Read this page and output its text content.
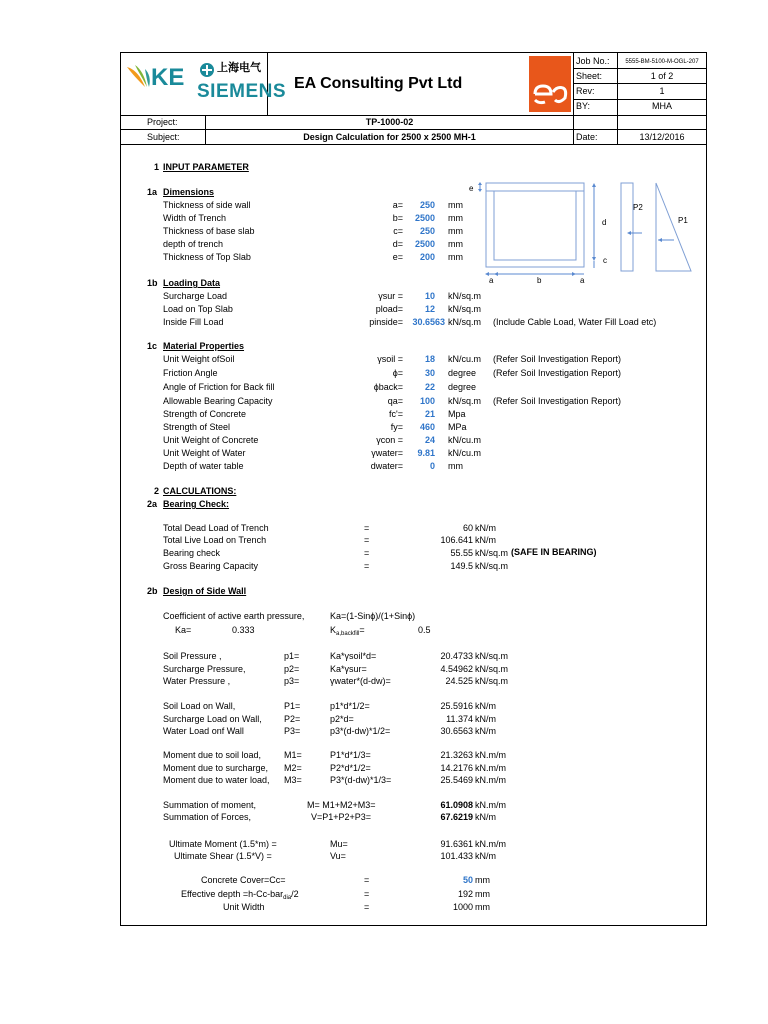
KE	上海电气
SIEMENS EA Consulting Pvt Ltd
Job No.:	5555-BM-5100-M-OGL-207
Sheet:	1 of 2
Rev:	1
BY:	MHA
Project:	TP-1000-02
Subject:	Design Calculation for 2500 x 2500 MH-1	Date:	13/12/2016
1 INPUT PARAMETER
1a Dimensions
Thickness of side wall	a=	250 mm
Width of Trench	b=	2500 mm
Thickness of base slab	c=	250 mm
depth of trench	d=	2500 mm
Thickness of Top Slab	e=	200 mm
e
d
c
a	b	a
P2
P1
1b Loading Data
Surcharge Load	γsur =	10 kN/sq.m
Load on Top Slab	pload=	12 kN/sq.m
Inside Fill Load	pinside=	30.6563 kN/sq.m (Include Cable Load, Water Fill Load etc)
1c Material Properties
Unit Weight ofSoil	γsoil =	18 kN/cu.m (Refer Soil Investigation Report)
Friction Angle	ϕ=	30 degree (Refer Soil Investigation Report)
Angle of Friction for Back fill	ϕback=	22 degree
Allowable Bearing Capacity	qa=	100 kN/sq.m (Refer Soil Investigation Report)
Strength of Concrete	fc'=	21 Mpa
Strength of Steel	fy=	460 MPa
Unit Weight of Concrete	γcon =	24 kN/cu.m
Unit Weight of Water	γwater=	9.81 kN/cu.m
Depth of water table	dwater=	0 mm
2 CALCULATIONS:
2a Bearing Check:
Total Dead Load of Trench	=	60 kN/m
Total Live Load on Trench	=	106.641 kN/m
Bearing check	=	55.55 kN/sq.m (SAFE IN BEARING)
Gross Bearing Capacity	=	149.5 kN/sq.m
2b Design of Side Wall
Coefficient of active earth pressure,	Ka=(1-Sinϕ)/(1+Sinϕ)
Ka=	0.333	$K_{a,backfill}=$	0.5
Soil Pressure ,	p1=	Ka*γsoil*d=	20.4733 kN/sq.m
Surcharge Pressure,	p2=	Ka*γsur=	4.54962 kN/sq.m
Water Pressure ,	p3=	γwater*(d-dw)=	24.525 kN/sq.m
Soil Load on Wall,	P1=	p1*d*1/2=	25.5916 kN/m
Surcharge Load on Wall, P2=	p2*d=	11.374 kN/m
Water Load onf Wall	P3=	p3*(d-dw)*1/2=	30.6563 kN/m
Moment due to soil load,	M1=	P1*d*1/3=	21.3263 kN.m/m
Moment due to surcharge, M2=	P2*d*1/2=	14.2176 kN.m/m
Moment due to water load, M3=	P3*(d-dw)*1/3=	25.5469 kN.m/m
Summation of moment,	M= M1+M2+M3=	61.0908 kN.m/m
Summation of Forces,	V=P1+P2+P3=	67.6219 kN/m
Ultimate Moment (1.5*m) =	Mu=	91.6361 kN.m/m
Ultimate Shear (1.5*V) =	Vu=	101.433 kN/m
Concrete Cover=Cc=	=	50 mm
Effective depth =h-Cc-bar$_{dia}$/2	=	192 mm
Unit Width	=	1000 mm
